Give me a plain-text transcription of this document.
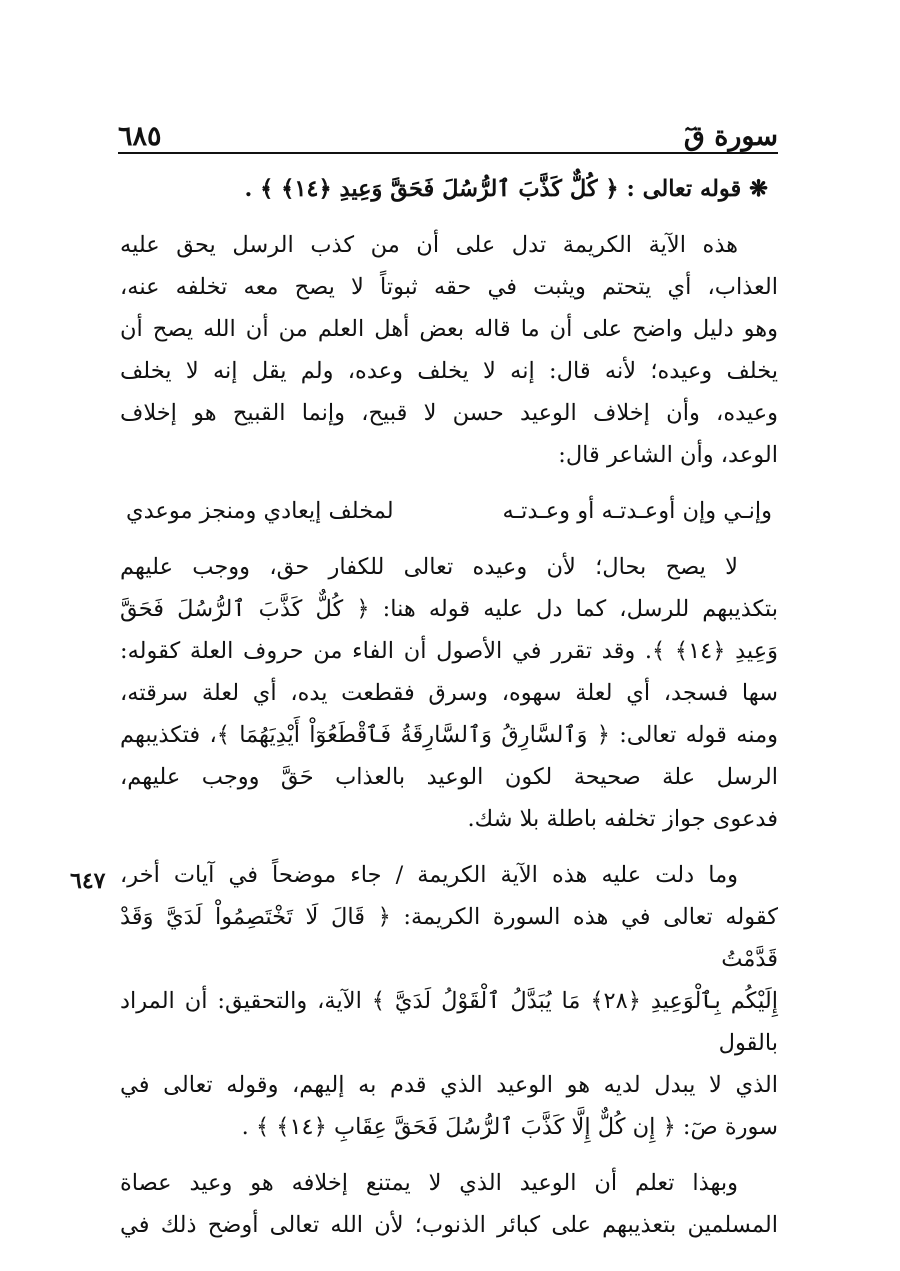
٦٨٥	سورة قٓ
٦٤٧
❋ قوله تعالى : ﴿ كُلٌّ كَذَّبَ ٱلرُّسُلَ فَحَقَّ وَعِيدِ ﴿١٤﴾ ﴾ .
هذه الآية الكريمة تدل على أن من كذب الرسل يحق عليه
العذاب، أي يتحتم ويثبت في حقه ثبوتاً لا يصح معه تخلفه عنه،
وهو دليل واضح على أن ما قاله بعض أهل العلم من أن الله يصح أن
يخلف وعيده؛ لأنه قال: إنه لا يخلف وعده، ولم يقل إنه لا يخلف
وعيده، وأن إخلاف الوعيد حسن لا قبيح، وإنما القبيح هو إخلاف
الوعد، وأن الشاعر قال:
وإنـي وإن أوعـدتـه أو وعـدتـه
لمخلف إيعادي ومنجز موعدي
لا يصح بحال؛ لأن وعيده تعالى للكفار حق، ووجب عليهم
بتكذيبهم للرسل، كما دل عليه قوله هنا: ﴿ كُلٌّ كَذَّبَ ٱلرُّسُلَ فَحَقَّ
وَعِيدِ ﴿١٤﴾ ﴾. وقد تقرر في الأصول أن الفاء من حروف العلة كقوله:
سها فسجد، أي لعلة سهوه، وسرق فقطعت يده، أي لعلة سرقته،
ومنه قوله تعالى: ﴿ وَٱلسَّارِقُ وَٱلسَّارِقَةُ فَٱقْطَعُوٓاْ أَيْدِيَهُمَا ﴾، فتكذيبهم
الرسل علة صحيحة لكون الوعيد بالعذاب حَقَّ ووجب عليهم،
فدعوى جواز تخلفه باطلة بلا شك.
وما دلت عليه هذه الآية الكريمة / جاء موضحاً في آيات أخر،
كقوله تعالى في هذه السورة الكريمة: ﴿ قَالَ لَا تَخْتَصِمُواْ لَدَيَّ وَقَدْ قَدَّمْتُ
إِلَيْكُم بِٱلْوَعِيدِ ﴿٢٨﴾ مَا يُبَدَّلُ ٱلْقَوْلُ لَدَيَّ ﴾ الآية، والتحقيق: أن المراد بالقول
الذي لا يبدل لديه هو الوعيد الذي قدم به إليهم، وقوله تعالى في
سورة صٓ: ﴿ إِن كُلٌّ إِلَّا كَذَّبَ ٱلرُّسُلَ فَحَقَّ عِقَابِ ﴿١٤﴾ ﴾ .
وبهذا تعلم أن الوعيد الذي لا يمتنع إخلافه هو وعيد عصاة
المسلمين بتعذيبهم على كبائر الذنوب؛ لأن الله تعالى أوضح ذلك في
